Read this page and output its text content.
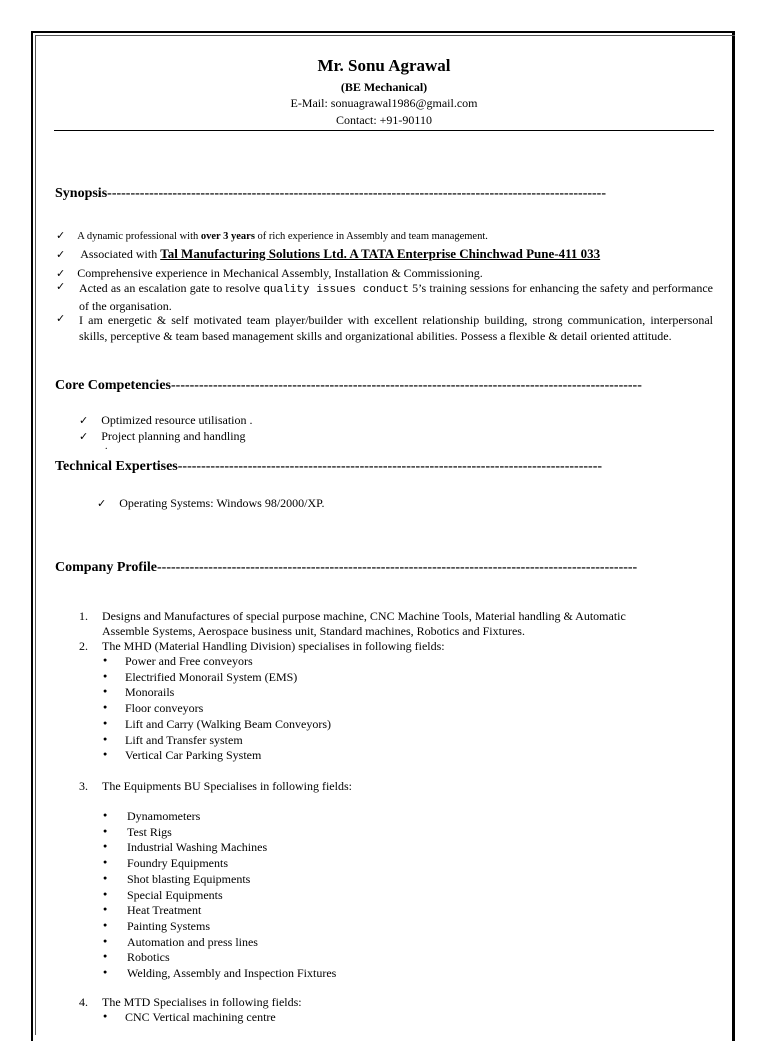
Mr. Sonu Agrawal
(BE Mechanical)
E-Mail: sonuagrawal1986@gmail.com
Contact: +91-90110
Synopsis-----------------------------------------------------------------------------------------------------------
✓ A dynamic professional with over 3 years of rich experience in Assembly and team management.
✓ Associated with Tal Manufacturing Solutions Ltd. A TATA Enterprise Chinchwad Pune-411 033
✓ Comprehensive experience in Mechanical Assembly, Installation & Commissioning.
✓ Acted as an escalation gate to resolve quality issues conduct 5’s training sessions for enhancing the safety and performance of the organisation.
✓ I am energetic & self motivated team player/builder with excellent relationship building, strong communication, interpersonal skills, perceptive & team based management skills and organizational abilities. Possess a flexible & detail oriented attitude.
Core Competencies-----------------------------------------------------------------------------------------------------
✓ Optimized resource utilisation .
✓ Project planning and handling
.
Technical Expertises-------------------------------------------------------------------------------------------
✓ Operating Systems: Windows 98/2000/XP.
Company Profile-------------------------------------------------------------------------------------------------------
1. Designs and Manufactures of special purpose machine, CNC Machine Tools, Material handling & Automatic
Assemble Systems, Aerospace business unit, Standard machines, Robotics and Fixtures.
2. The MHD (Material Handling Division) specialises in following fields:
● Power and Free conveyors
● Electrified Monorail System (EMS)
● Monorails
● Floor conveyors
● Lift and Carry (Walking Beam Conveyors)
● Lift and Transfer system
● Vertical Car Parking System
3. The Equipments BU Specialises in following fields:
● Dynamometers
● Test Rigs
● Industrial Washing Machines
● Foundry Equipments
● Shot blasting Equipments
● Special Equipments
● Heat Treatment
● Painting Systems
● Automation and press lines
● Robotics
● Welding, Assembly and Inspection Fixtures
4. The MTD Specialises in following fields:
● CNC Vertical machining centre
